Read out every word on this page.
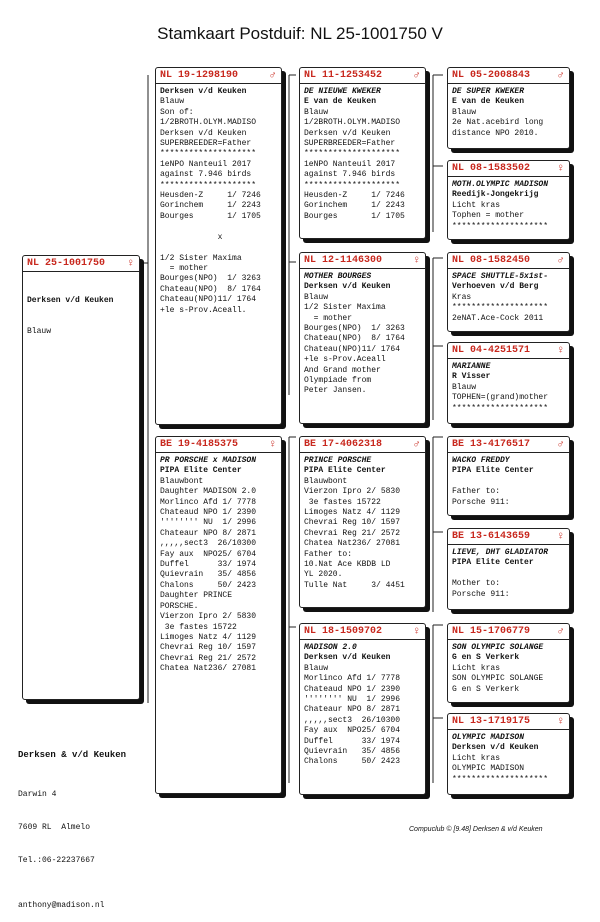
Stamkaart Postduif: NL 25-1001750 V
NL 25-1001750 ♀

Derksen v/d Keuken

Blauw

NL 19-1298190	♂
Derksen v/d Keuken
Blauw
Son of:
1/2BROTH.OLYM.MADISO
Derksen v/d Keuken
SUPERBREEDER=Father
********************
1eNPO Nanteuil 2017
against 7.946 birds
********************
Heusden-Z     1/ 7246
Gorinchem     1/ 2243
Bourges       1/ 1705

x

1/2 Sister Maxima
= mother
Bourges(NPO)  1/ 3263
Chateau(NPO)  8/ 1764
Chateau(NPO)11/ 1764
+le s-Prov.Aceall.
BE 19-4185375	♀
PR PORSCHE x MADISON
PIPA Elite Center
Blauwbont
Daughter MADISON 2.0
Morlinco Afd 1/ 7778
Chateaud NPO 1/ 2390
'''''''' NU  1/ 2996
Chateaur NPO 8/ 2871
,,,,,sect3  26/10300
Fay aux  NPO25/ 6704
Duffel      33/ 1974
Quievrain   35/ 4856
Chalons     50/ 2423
Daughter PRINCE
PORSCHE.
Vierzon Ipro 2/ 5830
3e fastes 15722
Limoges Natz 4/ 1129
Chevrai Reg 10/ 1597
Chevrai Reg 21/ 2572
Chatea Nat236/ 27081
NL 11-1253452	♂
DE NIEUWE KWEKER
E van de Keuken
Blauw
1/2BROTH.OLYM.MADISO
Derksen v/d Keuken
SUPERBREEDER=Father
********************
1eNPO Nanteuil 2017
against 7.946 birds
********************
Heusden-Z     1/ 7246
Gorinchem     1/ 2243
Bourges       1/ 1705
NL 12-1146300	♀
MOTHER BOURGES
Derksen v/d Keuken
Blauw
1/2 Sister Maxima
= mother
Bourges(NPO)  1/ 3263
Chateau(NPO)  8/ 1764
Chateau(NPO)11/ 1764
+le s-Prov.Aceall
And Grand mother
Olympiade from
Peter Jansen.
BE 17-4062318	♂
PRINCE PORSCHE
PIPA Elite Center
Blauwbont
Vierzon Ipro 2/ 5830
3e fastes 15722
Limoges Natz 4/ 1129
Chevrai Reg 10/ 1597
Chevrai Reg 21/ 2572
Chatea Nat236/ 27081
Father to:
10.Nat Ace KBDB LD
YL 2020.
Tulle Nat     3/ 4451
NL 18-1509702	♀
MADISON 2.0
Derksen v/d Keuken
Blauw
Morlinco Afd 1/ 7778
Chateaud NPO 1/ 2390
'''''''' NU  1/ 2996
Chateaur NPO 8/ 2871
,,,,,sect3  26/10300
Fay aux  NPO25/ 6704
Duffel      33/ 1974
Quievrain   35/ 4856
Chalons     50/ 2423
NL 05-2008843 ♂
DE SUPER KWEKER
E van de Keuken
Blauw
2e Nat.acebird long
distance NPO 2010.
NL 08-1583502 ♀
MOTH.OLYMPIC MADISON
Reedijk-Jongekrijg
Licht kras
Tophen = mother
********************
NL 08-1582450 ♂
SPACE SHUTTLE-5x1st-
Verhoeven v/d Berg
Kras
********************
2eNAT.Ace-Cock 2011
NL 04-4251571 ♀
MARIANNE
R Visser
Blauw
TOPHEN=(grand)mother
********************
BE 13-4176517 ♂
WACKO FREDDY
PIPA Elite Center

Father to:
Porsche 911:
BE 13-6143659 ♀
LIEVE, DHT GLADIATOR
PIPA Elite Center

Mother to:
Porsche 911:
NL 15-1706779 ♂
SON OLYMPIC SOLANGE
G en S Verkerk
Licht kras
SON OLYMPIC SOLANGE
G en S Verkerk
NL 13-1719175 ♀
OLYMPIC MADISON
Derksen v/d Keuken
Licht kras
OLYMPIC MADISON
********************

Derksen & v/d Keuken

Darwin 4

7609 RL  Almelo

Tel.:06-22237667

anthony@madison.nl

Compuclub © [9.48] Derksen & v/d Keuken
